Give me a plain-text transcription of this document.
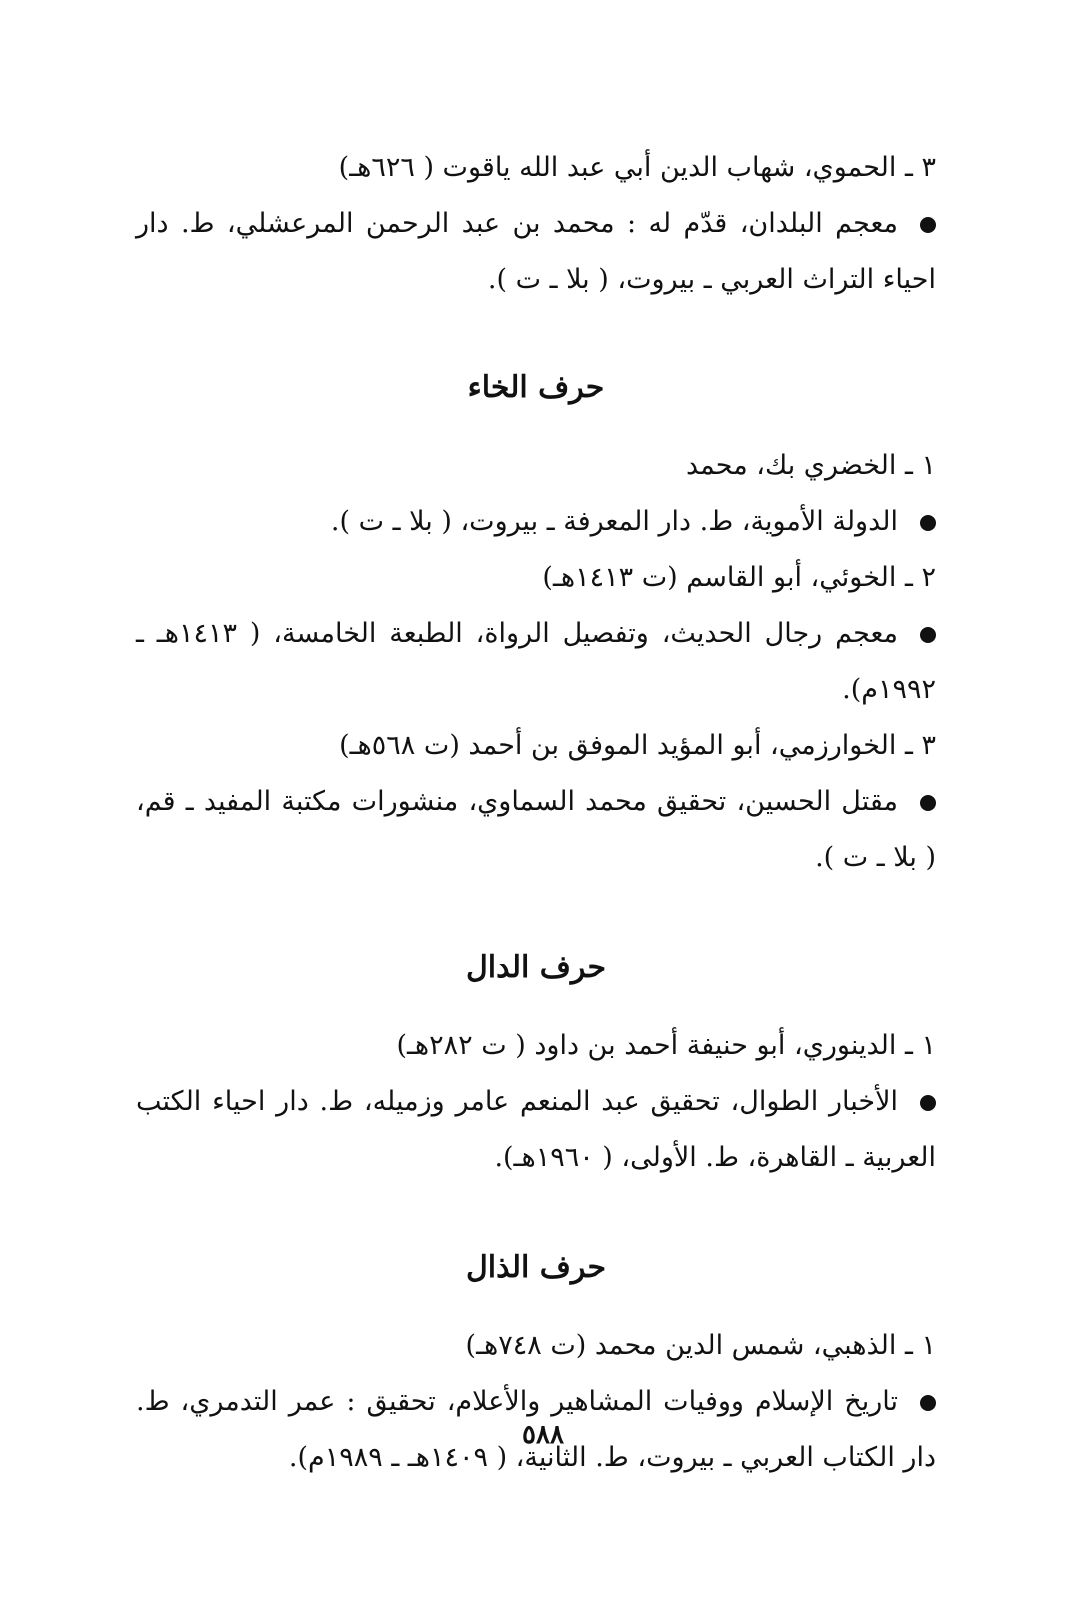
٣ ـ الحموي، شهاب الدين أبي عبد الله ياقوت ( ٦٢٦هـ)

معجم البلدان، قدّم له : محمد بن عبد الرحمن المرعشلي، ط. دار احياء التراث العربي ـ بيروت، ( بلا ـ ت ).

حرف الخاء

١ ـ الخضري بك، محمد

الدولة الأموية، ط. دار المعرفة ـ بيروت، ( بلا ـ ت ).

٢ ـ الخوئي، أبو القاسم (ت ١٤١٣هـ)

معجم رجال الحديث، وتفصيل الرواة، الطبعة الخامسة، ( ١٤١٣هـ ـ ١٩٩٢م).

٣ ـ الخوارزمي، أبو المؤيد الموفق بن أحمد (ت ٥٦٨هـ)

مقتل الحسين، تحقيق محمد السماوي، منشورات مكتبة المفيد ـ قم، ( بلا ـ ت ).

حرف الدال

١ ـ الدينوري، أبو حنيفة أحمد بن داود ( ت ٢٨٢هـ)

الأخبار الطوال، تحقيق عبد المنعم عامر وزميله، ط. دار احياء الكتب العربية ـ القاهرة، ط. الأولى، ( ١٩٦٠هـ).

حرف الذال

١ ـ الذهبي، شمس الدين محمد (ت ٧٤٨هـ)

تاريخ الإسلام ووفيات المشاهير والأعلام، تحقيق : عمر التدمري، ط. دار الكتاب العربي ـ بيروت، ط. الثانية، ( ١٤٠٩هـ ـ ١٩٨٩م).

٥٨٨
